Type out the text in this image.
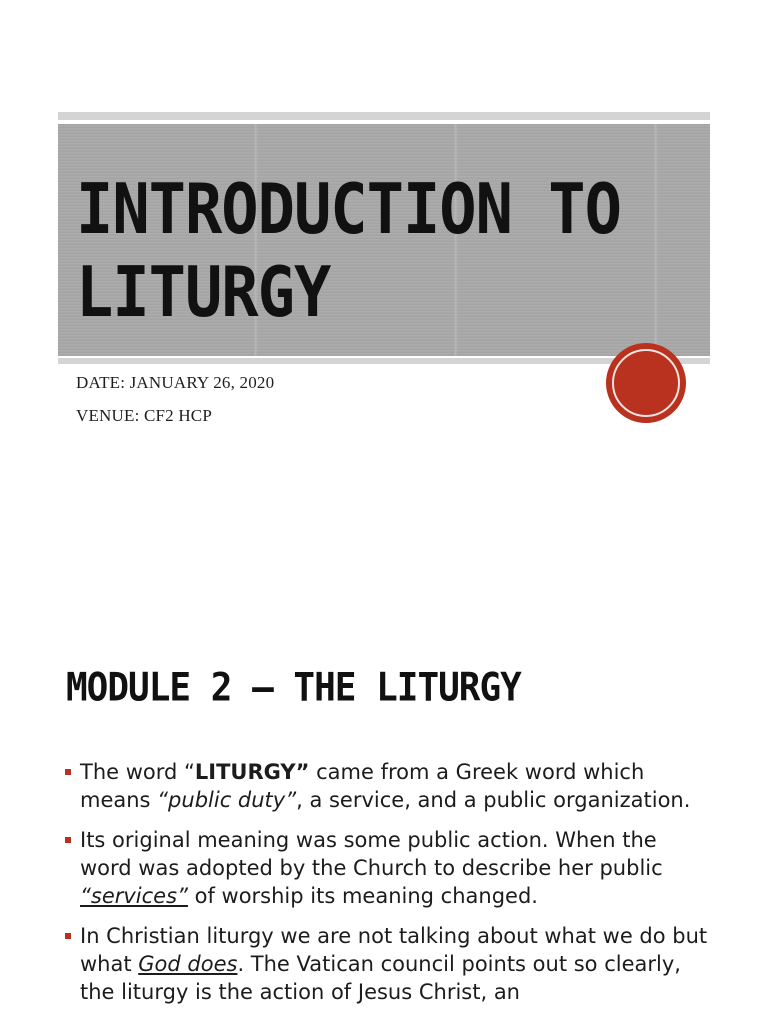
INTRODUCTION TO
LITURGY
DATE: JANUARY 26, 2020
VENUE: CF2 HCP
MODULE 2 – THE LITURGY
The word “LITURGY” came from a Greek word which means “public duty”, a service, and a public organization.
Its original meaning was some public action. When the word was adopted by the Church to describe her public “services” of worship its meaning changed.
In Christian liturgy we are not talking about what we do but what God does. The Vatican council points out so clearly, the liturgy is the action of Jesus Christ, an
